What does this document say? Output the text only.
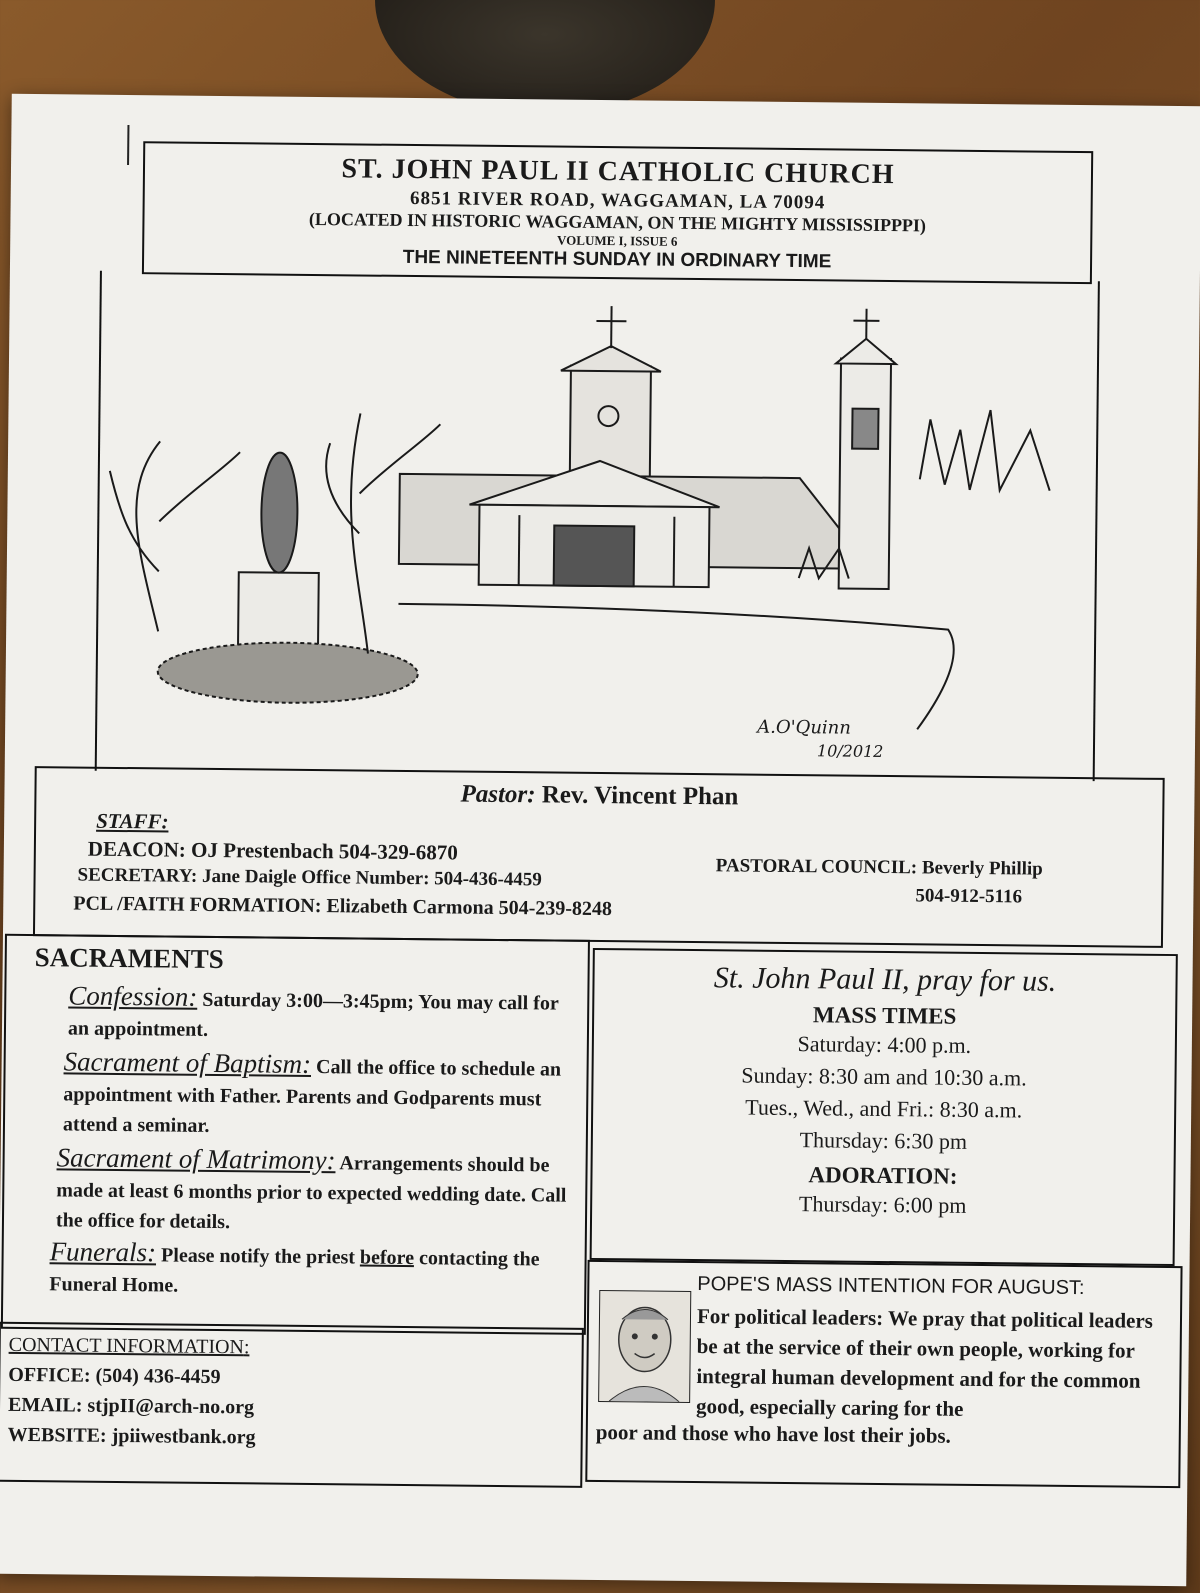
ST. JOHN PAUL II CATHOLIC CHURCH
6851 RIVER ROAD, WAGGAMAN, LA 70094
(LOCATED IN HISTORIC WAGGAMAN, ON THE MIGHTY MISSISSIPPPI)
VOLUME I, ISSUE 6
THE NINETEENTH SUNDAY IN ORDINARY TIME
A.O'Quinn
10/2012
Pastor: Rev. Vincent Phan
STAFF:
DEACON: OJ Prestenbach 504-329-6870
SECRETARY: Jane Daigle Office Number: 504-436-4459
PCL /FAITH FORMATION: Elizabeth Carmona 504-239-8248
PASTORAL COUNCIL: Beverly Phillip
504-912-5116
SACRAMENTS
Confession: Saturday 3:00—3:45pm; You may call for an appointment.
Sacrament of Baptism: Call the office to schedule an appointment with Father. Parents and Godparents must attend a seminar.
Sacrament of Matrimony: Arrangements should be made at least 6 months prior to expected wedding date. Call the office for details.
Funerals: Please notify the priest before contacting the Funeral Home.
St. John Paul II, pray for us.
MASS TIMES
Saturday: 4:00 p.m.
Sunday: 8:30 am and 10:30 a.m.
Tues., Wed., and Fri.: 8:30 a.m.
Thursday: 6:30 pm
ADORATION:
Thursday: 6:00 pm
CONTACT INFORMATION:
OFFICE: (504) 436-4459
EMAIL: stjpII@arch-no.org
WEBSITE: jpiiwestbank.org
POPE'S MASS INTENTION FOR AUGUST:
For political leaders: We pray that political leaders be at the service of their own people, working for integral human development and for the common good, especially caring for the
poor and those who have lost their jobs.
